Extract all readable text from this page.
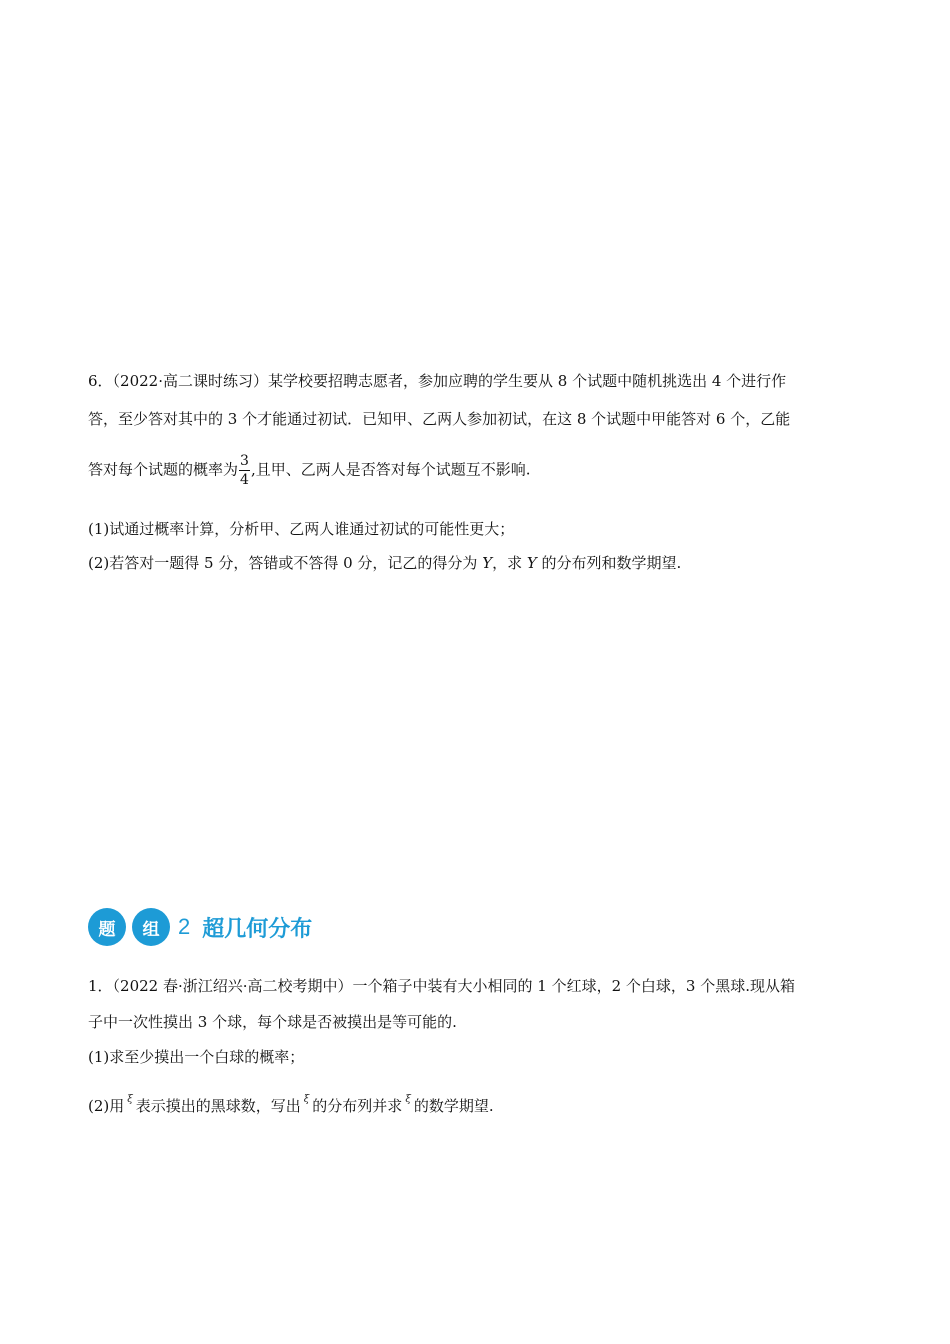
6．（2022·高二课时练习）某学校要招聘志愿者，参加应聘的学生要从 8 个试题中随机挑选出 4 个进行作
答，至少答对其中的 3 个才能通过初试．已知甲、乙两人参加初试，在这 8 个试题中甲能答对 6 个，乙能
答对每个试题的概率为 $\frac{3}{4}$ ,且甲、乙两人是否答对每个试题互不影响.
(1)试通过概率计算，分析甲、乙两人谁通过初试的可能性更大；
(2)若答对一题得 5 分，答错或不答得 0 分，记乙的得分为 Y，求 Y 的分布列和数学期望.
题	组 2 超几何分布
1．（2022 春·浙江绍兴·高二校考期中）一个箱子中装有大小相同的 1 个红球，2 个白球，3 个黑球.现从箱
子中一次性摸出 3 个球，每个球是否被摸出是等可能的.
(1)求至少摸出一个白球的概率；
(2)用 $^\xi$ 表示摸出的黑球数，写出 $^\xi$ 的分布列并求 $^\xi$ 的数学期望.
